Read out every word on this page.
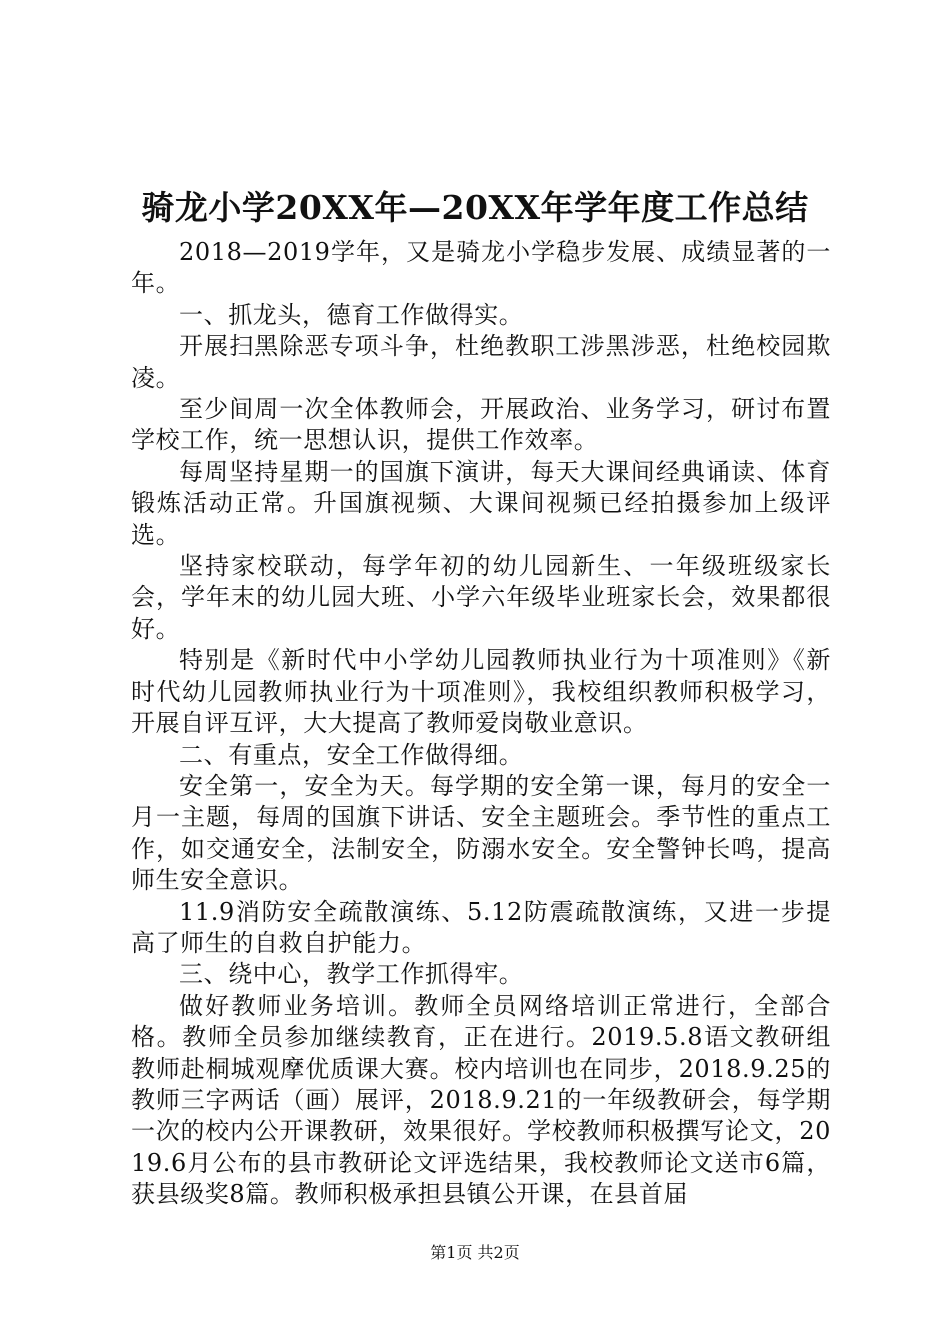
骑龙小学20XX年—20XX年学年度工作总结

2018—2019学年，又是骑龙小学稳步发展、成绩显著的一年。

一、抓龙头，德育工作做得实。

开展扫黑除恶专项斗争，杜绝教职工涉黑涉恶，杜绝校园欺凌。

至少间周一次全体教师会，开展政治、业务学习，研讨布置学校工作，统一思想认识，提供工作效率。

每周坚持星期一的国旗下演讲，每天大课间经典诵读、体育锻炼活动正常。升国旗视频、大课间视频已经拍摄参加上级评选。

坚持家校联动，每学年初的幼儿园新生、一年级班级家长会，学年末的幼儿园大班、小学六年级毕业班家长会，效果都很好。

特别是《新时代中小学幼儿园教师执业行为十项准则》《新时代幼儿园教师执业行为十项准则》，我校组织教师积极学习，开展自评互评，大大提高了教师爱岗敬业意识。

二、有重点，安全工作做得细。

安全第一，安全为天。每学期的安全第一课，每月的安全一月一主题，每周的国旗下讲话、安全主题班会。季节性的重点工作，如交通安全，法制安全，防溺水安全。安全警钟长鸣，提高师生安全意识。

11.9消防安全疏散演练、5.12防震疏散演练，又进一步提高了师生的自救自护能力。

三、绕中心，教学工作抓得牢。

做好教师业务培训。教师全员网络培训正常进行，全部合格。教师全员参加继续教育，正在进行。2019.5.8语文教研组教师赴桐城观摩优质课大赛。校内培训也在同步，2018.9.25的教师三字两话（画）展评，2018.9.21的一年级教研会，每学期一次的校内公开课教研，效果很好。学校教师积极撰写论文，2019.6月公布的县市教研论文评选结果，我校教师论文送市6篇，获县级奖8篇。教师积极承担县镇公开课，在县首届

第1页 共2页
